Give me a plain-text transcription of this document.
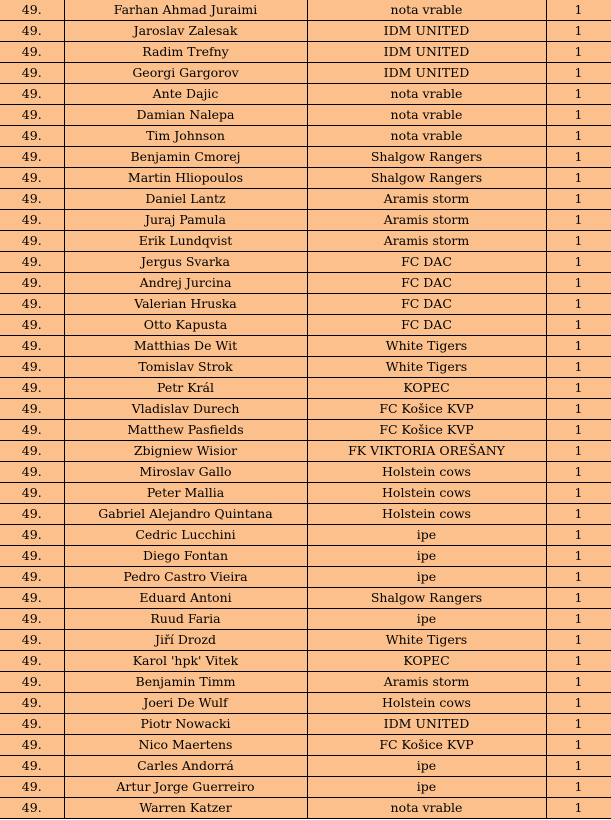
49.	Farhan Ahmad Juraimi	nota vrable	1
49.	Jaroslav Zalesak	IDM UNITED	1
49.	Radim Trefny	IDM UNITED	1
49.	Georgi Gargorov	IDM UNITED	1
49.	Ante Dajic	nota vrable	1
49.	Damian Nalepa	nota vrable	1
49.	Tim Johnson	nota vrable	1
49.	Benjamin Cmorej	Shalgow Rangers	1
49.	Martin Hliopoulos	Shalgow Rangers	1
49.	Daniel Lantz	Aramis storm	1
49.	Juraj Pamula	Aramis storm	1
49.	Erik Lundqvist	Aramis storm	1
49.	Jergus Svarka	FC DAC	1
49.	Andrej Jurcina	FC DAC	1
49.	Valerian Hruska	FC DAC	1
49.	Otto Kapusta	FC DAC	1
49.	Matthias De Wit	White Tigers	1
49.	Tomislav Strok	White Tigers	1
49.	Petr Král	KOPEC	1
49.	Vladislav Durech	FC Košice KVP	1
49.	Matthew Pasfields	FC Košice KVP	1
49.	Zbigniew Wisior	FK VIKTORIA OREŠANY	1
49.	Miroslav Gallo	Holstein cows	1
49.	Peter Mallia	Holstein cows	1
49.	Gabriel Alejandro Quintana	Holstein cows	1
49.	Cedric Lucchini	ipe	1
49.	Diego Fontan	ipe	1
49.	Pedro Castro Vieira	ipe	1
49.	Eduard Antoni	Shalgow Rangers	1
49.	Ruud Faria	ipe	1
49.	Jiří Drozd	White Tigers	1
49.	Karol 'hpk' Vitek	KOPEC	1
49.	Benjamin Timm	Aramis storm	1
49.	Joeri De Wulf	Holstein cows	1
49.	Piotr Nowacki	IDM UNITED	1
49.	Nico Maertens	FC Košice KVP	1
49.	Carles Andorrá	ipe	1
49.	Artur Jorge Guerreiro	ipe	1
49.	Warren Katzer	nota vrable	1
